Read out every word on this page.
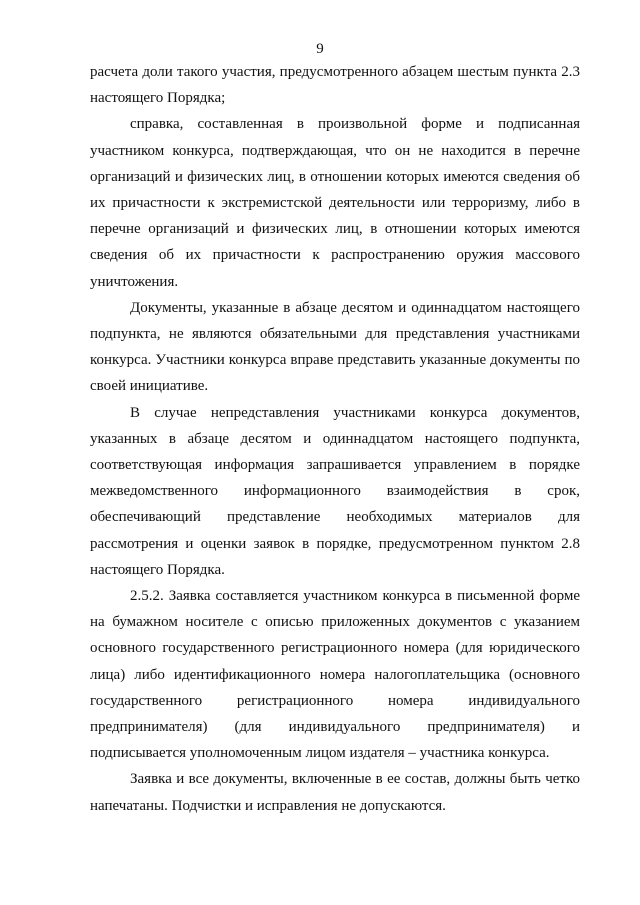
9

расчета доли такого участия, предусмотренного абзацем шестым пункта 2.3 настоящего Порядка;

справка, составленная в произвольной форме и подписанная участником конкурса, подтверждающая, что он не находится в перечне организаций и физических лиц, в отношении которых имеются сведения об их причастности к экстремистской деятельности или терроризму, либо в перечне организаций и физических лиц, в отношении которых имеются сведения об их причастности к распространению оружия массового уничтожения.

Документы, указанные в абзаце десятом и одиннадцатом настоящего подпункта, не являются обязательными для представления участниками конкурса. Участники конкурса вправе представить указанные документы по своей инициативе.

В случае непредставления участниками конкурса документов, указанных в абзаце десятом и одиннадцатом настоящего подпункта, соответствующая информация запрашивается управлением в порядке межведомственного информационного взаимодействия в срок, обеспечивающий представление необходимых материалов для рассмотрения и оценки заявок в порядке, предусмотренном пунктом 2.8 настоящего Порядка.

2.5.2. Заявка составляется участником конкурса в письменной форме на бумажном носителе с описью приложенных документов с указанием основного государственного регистрационного номера (для юридического лица) либо идентификационного номера налогоплательщика (основного государственного регистрационного номера индивидуального предпринимателя) (для индивидуального предпринимателя) и подписывается уполномоченным лицом издателя – участника конкурса.

Заявка и все документы, включенные в ее состав, должны быть четко напечатаны. Подчистки и исправления не допускаются.
